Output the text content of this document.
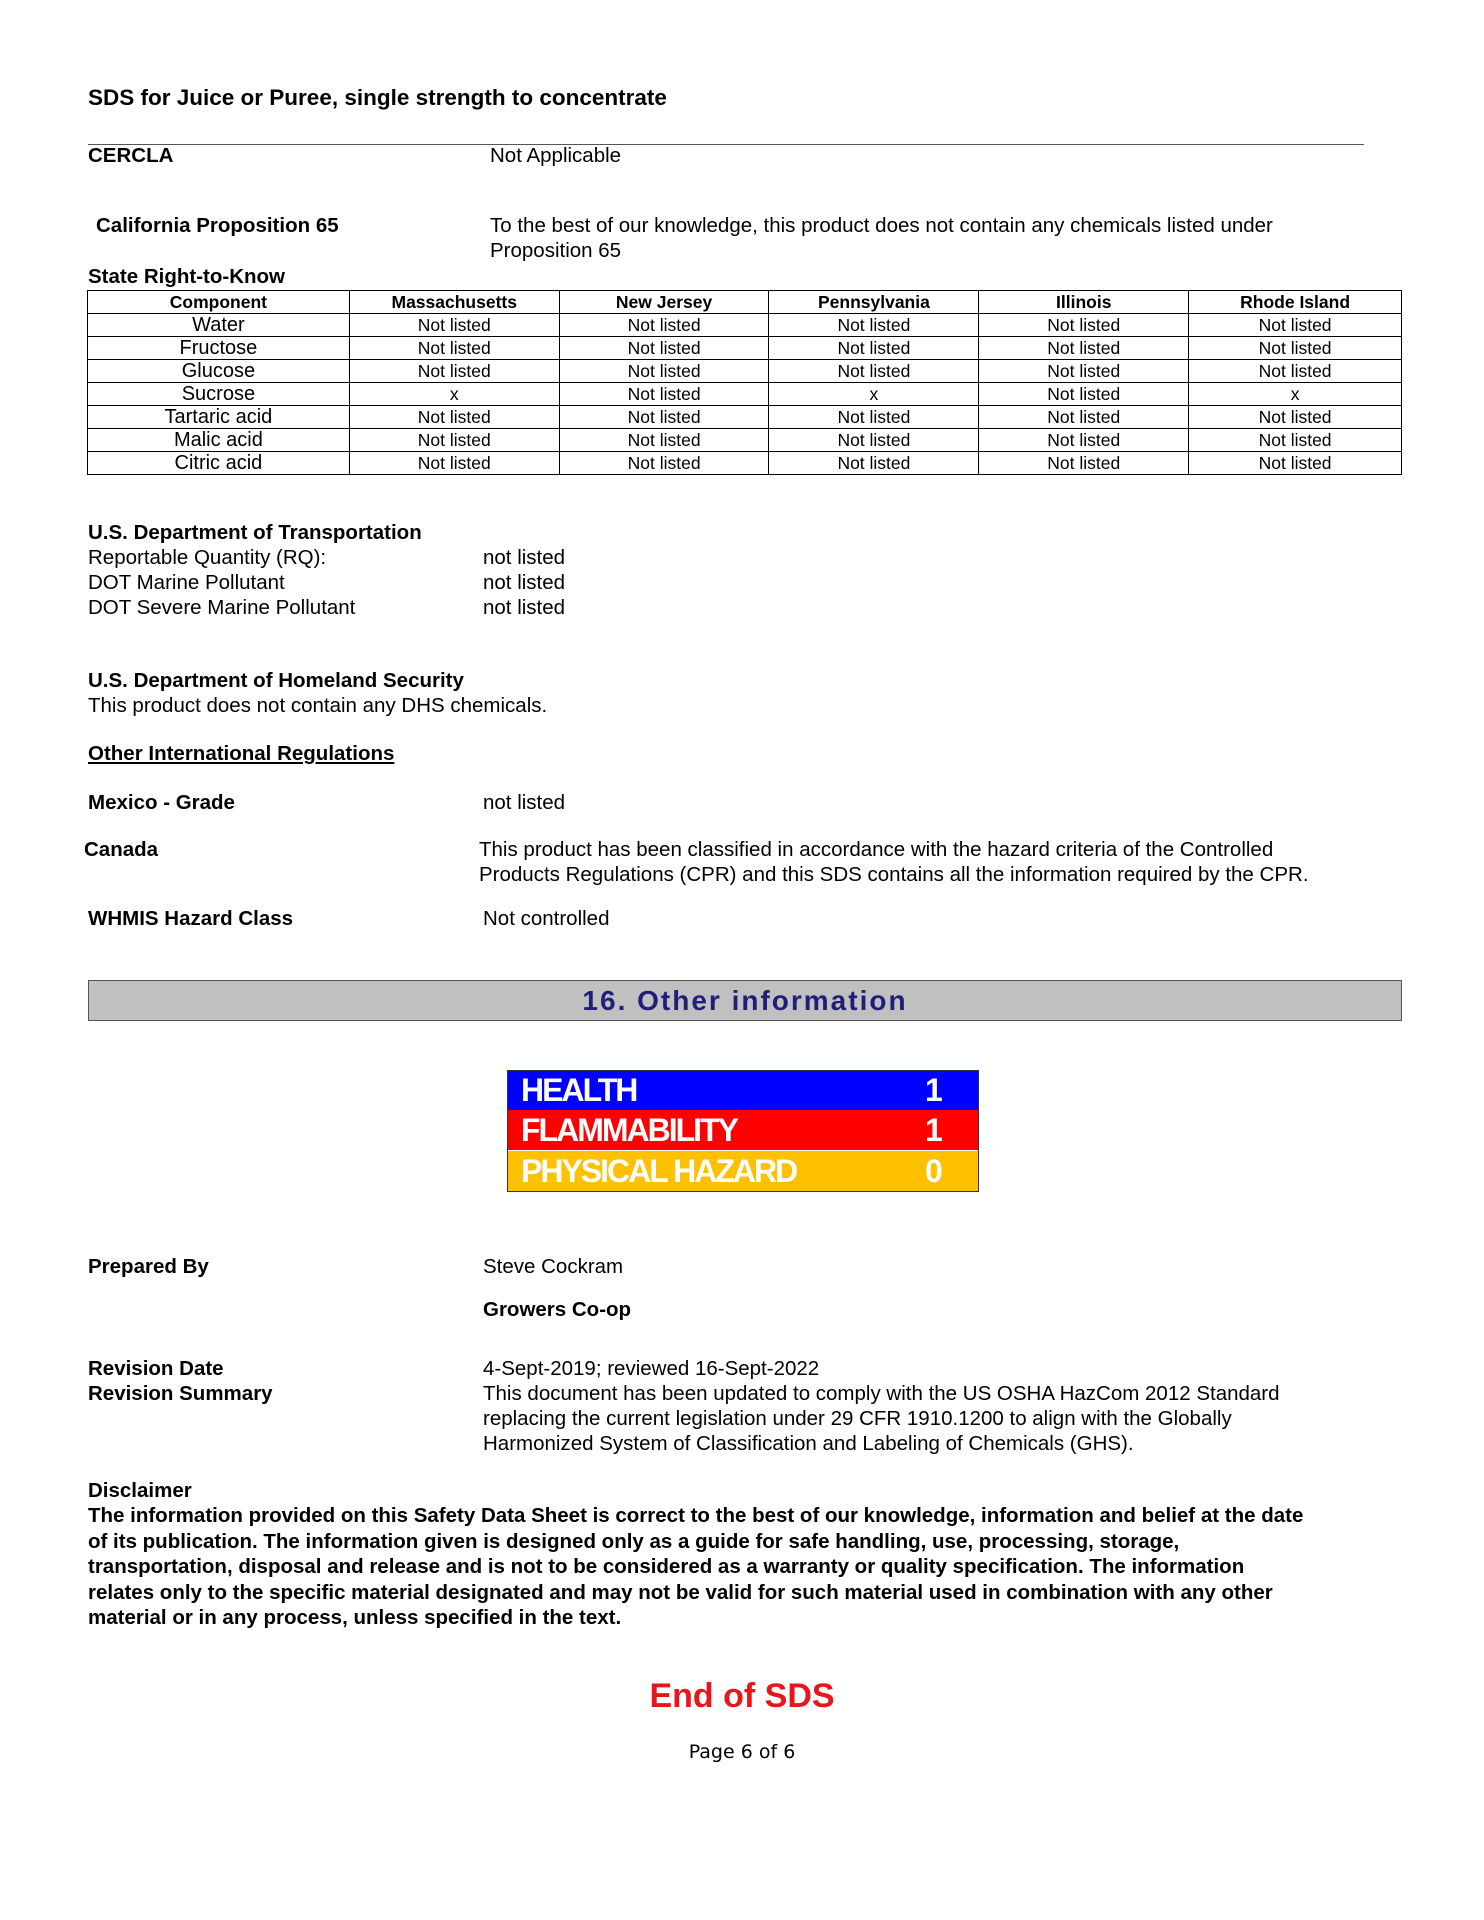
SDS for Juice or Puree, single strength to concentrate
CERCLA	Not Applicable
California Proposition 65	To the best of our knowledge, this product does not contain any chemicals listed under
Proposition 65
State Right-to-Know
Component	Massachusetts	New Jersey	Pennsylvania	Illinois	Rhode Island
Water	Not listed	Not listed	Not listed	Not listed	Not listed
Fructose	Not listed	Not listed	Not listed	Not listed	Not listed
Glucose	Not listed	Not listed	Not listed	Not listed	Not listed
Sucrose	x	Not listed	x	Not listed	x
Tartaric acid	Not listed	Not listed	Not listed	Not listed	Not listed
Malic acid	Not listed	Not listed	Not listed	Not listed	Not listed
Citric acid	Not listed	Not listed	Not listed	Not listed	Not listed
U.S. Department of Transportation
Reportable Quantity (RQ):	not listed
DOT Marine Pollutant	not listed
DOT Severe Marine Pollutant	not listed
U.S. Department of Homeland Security
This product does not contain any DHS chemicals.
Other International Regulations
Mexico - Grade	not listed
Canada	This product has been classified in accordance with the hazard criteria of the Controlled
Products Regulations (CPR) and this SDS contains all the information required by the CPR.
WHMIS Hazard Class	Not controlled
16. Other information
HEALTH	1
FLAMMABILITY	1
PHYSICAL HAZARD	0
Prepared By	Steve Cockram
Growers Co-op
Revision Date	4-Sept-2019; reviewed 16-Sept-2022
Revision Summary	This document has been updated to comply with the US OSHA HazCom 2012 Standard
replacing the current legislation under 29 CFR 1910.1200 to align with the Globally
Harmonized System of Classification and Labeling of Chemicals (GHS).
Disclaimer
The information provided on this Safety Data Sheet is correct to the best of our knowledge, information and belief at the date
of its publication. The information given is designed only as a guide for safe handling, use, processing, storage,
transportation, disposal and release and is not to be considered as a warranty or quality specification. The information
relates only to the specific material designated and may not be valid for such material used in combination with any other
material or in any process, unless specified in the text.
End of SDS
Page 6 of 6
